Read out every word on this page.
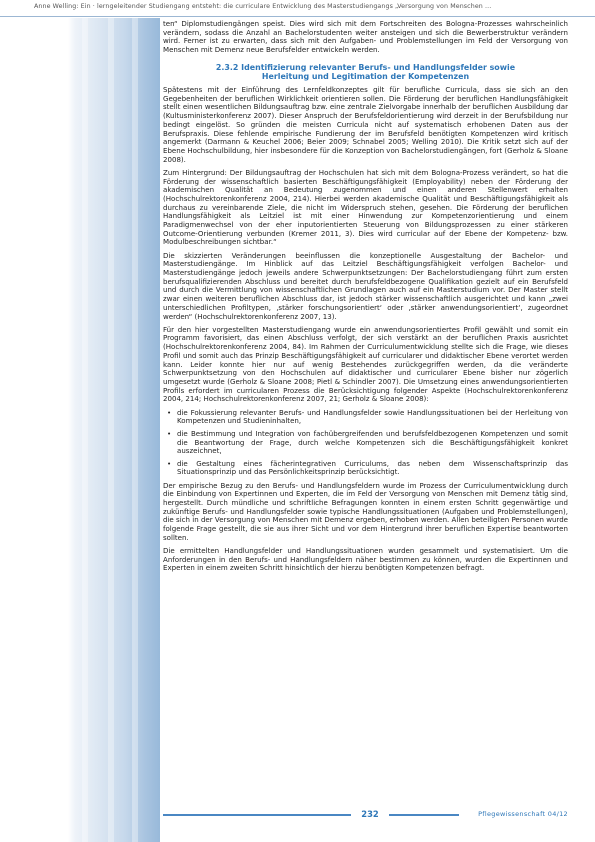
Anne Welling: Ein · lerngeleitender Studiengang entsteht: die curriculare Entwicklung des Masterstudiengangs „Versorgung von Menschen ...

ten“ Diplomstudiengängen speist. Dies wird sich mit dem Fortschreiten des Bologna-Prozesses wahrscheinlich verändern, sodass die Anzahl an Bachelorstudenten weiter ansteigen und sich die Bewerberstruktur verändern wird. Ferner ist zu erwarten, dass sich mit den Aufgaben- und Problemstellungen im Feld der Versorgung von Menschen mit Demenz neue Berufsfelder entwickeln werden.

2.3.2 Identifizierung relevanter Berufs- und Handlungsfelder sowie
Herleitung und Legitimation der Kompetenzen

Spätestens mit der Einführung des Lernfeldkonzeptes gilt für berufliche Curricula, dass sie sich an den Gegebenheiten der beruflichen Wirklichkeit orientieren sollen. Die Förderung der beruflichen Handlungsfähigkeit stellt einen wesentlichen Bildungsauftrag bzw. eine zentrale Zielvorgabe innerhalb der beruflichen Ausbildung dar (Kultusministerkonferenz 2007). Dieser Anspruch der Berufsfeldorientierung wird derzeit in der Berufsbildung nur bedingt eingelöst. So gründen die meisten Curricula nicht auf systematisch erhobenen Daten aus der Berufspraxis. Diese fehlende empirische Fundierung der im Berufsfeld benötigten Kompetenzen wird kritisch angemerkt (Darmann & Keuchel 2006; Beier 2009; Schnabel 2005; Welling 2010). Die Kritik setzt sich auf der Ebene Hochschulbildung, hier insbesondere für die Konzeption von Bachelorstudiengängen, fort (Gerholz & Sloane 2008).

Zum Hintergrund: Der Bildungsauftrag der Hochschulen hat sich mit dem Bologna-Prozess verändert, so hat die Förderung der wissenschaftlich basierten Beschäftigungsfähigkeit (Employability) neben der Förderung der akademischen Qualität an Bedeutung zugenommen und einen anderen Stellenwert erhalten (Hochschulrektorenkonferenz 2004, 214). Hierbei werden akademische Qualität und Beschäftigungsfähigkeit als durchaus zu vereinbarende Ziele, die nicht im Widerspruch stehen, gesehen. Die Förderung der beruflichen Handlungsfähigkeit als Leitziel ist mit einer Hinwendung zur Kompetenzorientierung und einem Paradigmenwechsel von der eher inputorientierten Steuerung von Bildungsprozessen zu einer stärkeren Outcome-Orientierung verbunden (Kremer 2011, 3). Dies wird curricular auf der Ebene der Kompetenz- bzw. Modulbeschreibungen sichtbar.“

Die skizzierten Veränderungen beeinflussen die konzeptionelle Ausgestaltung der Bachelor- und Masterstudiengänge. Im Hinblick auf das Leitziel Beschäftigungsfähigkeit verfolgen Bachelor- und Masterstudiengänge jedoch jeweils andere Schwerpunktsetzungen: Der Bachelorstudiengang führt zum ersten berufsqualifizierenden Abschluss und bereitet durch berufsfeldbezogene Qualifikation gezielt auf ein Berufsfeld und durch die Vermittlung von wissenschaftlichen Grundlagen auch auf ein Masterstudium vor. Der Master stellt zwar einen weiteren beruflichen Abschluss dar, ist jedoch stärker wissenschaftlich ausgerichtet und kann „zwei unterschiedlichen Profiltypen, ‚stärker forschungsorientiert‘ oder ‚stärker anwendungsorientiert‘, zugeordnet werden“ (Hochschulrektorenkonferenz 2007, 13).

Für den hier vorgestellten Masterstudiengang wurde ein anwendungsorientiertes Profil gewählt und somit ein Programm favorisiert, das einen Abschluss verfolgt, der sich verstärkt an der beruflichen Praxis ausrichtet (Hochschulrektorenkonferenz 2004, 84). Im Rahmen der Curriculumentwicklung stellte sich die Frage, wie dieses Profil und somit auch das Prinzip Beschäftigungsfähigkeit auf curricularer und didaktischer Ebene verortet werden kann. Leider konnte hier nur auf wenig Bestehendes zurückgegriffen werden, da die veränderte Schwerpunktsetzung von den Hochschulen auf didaktischer und curricularer Ebene bisher nur zögerlich umgesetzt wurde (Gerholz & Sloane 2008; Pietl & Schindler 2007). Die Umsetzung eines anwendungsorientierten Profils erfordert im curricularen Prozess die Berücksichtigung folgender Aspekte (Hochschulrektorenkonferenz 2004, 214; Hochschulrektorenkonferenz 2007, 21; Gerholz & Sloane 2008):

• die Fokussierung relevanter Berufs- und Handlungsfelder sowie Handlungssituationen bei der Herleitung von Kompetenzen und Studieninhalten,
• die Bestimmung und Integration von fachübergreifenden und berufsfeldbezogenen Kompetenzen und somit die Beantwortung der Frage, durch welche Kompetenzen sich die Beschäftigungsfähigkeit konkret auszeichnet,
• die Gestaltung eines fächerintegrativen Curriculums, das neben dem Wissenschaftsprinzip das Situationsprinzip und das Persönlichkeitsprinzip berücksichtigt.

Der empirische Bezug zu den Berufs- und Handlungsfeldern wurde im Prozess der Curriculumentwicklung durch die Einbindung von Expertinnen und Experten, die im Feld der Versorgung von Menschen mit Demenz tätig sind, hergestellt. Durch mündliche und schriftliche Befragungen konnten in einem ersten Schritt gegenwärtige und zukünftige Berufs- und Handlungsfelder sowie typische Handlungssituationen (Aufgaben und Problemstellungen), die sich in der Versorgung von Menschen mit Demenz ergeben, erhoben werden. Allen beteiligten Personen wurde folgende Frage gestellt, die sie aus ihrer Sicht und vor dem Hintergrund ihrer beruflichen Expertise beantworten sollten.

Die ermittelten Handlungsfelder und Handlungssituationen wurden gesammelt und systematisiert. Um die Anforderungen in den Berufs- und Handlungsfeldern näher bestimmen zu können, wurden die Expertinnen und Experten in einem zweiten Schritt hinsichtlich der hierzu benötigten Kompetenzen befragt.

232	Pflegewissenschaft 04/12
